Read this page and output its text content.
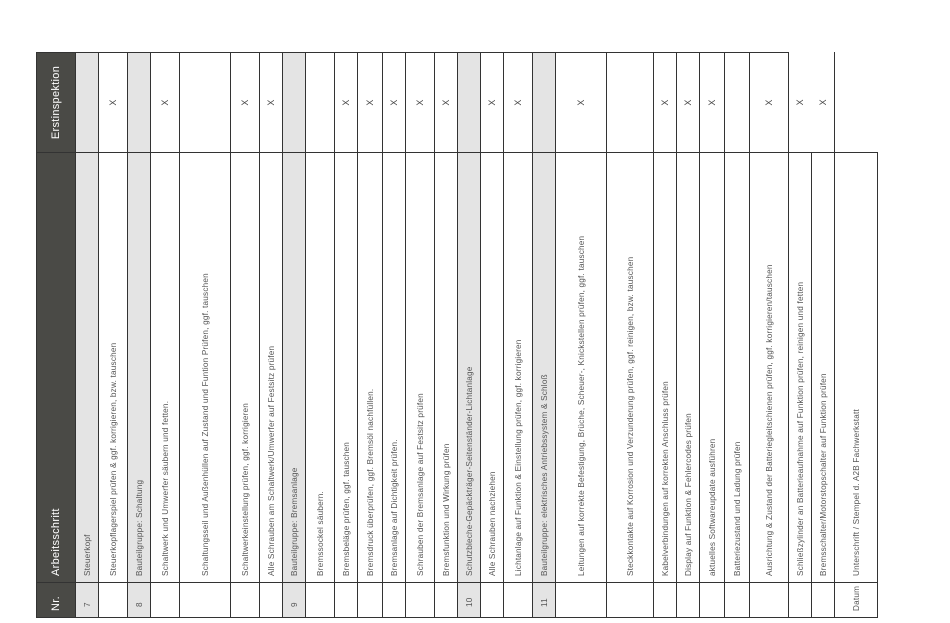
Nr.	Arbeitsschritt	Erstinspektion
7	Steuerkopf	
	Steuerkopflagerspiel prüfen & ggf. korrigieren, bzw. tauschen	X
8	Bauteilgruppe: Schaltung	
	Schaltwerk und Umwerfer säubern und fetten.	X
	Schaltungsseil und Außenhüllen auf Zustand und Funtion Prüfen, ggf. tauschen	
	Schaltwerkeinstellung prüfen, ggf. korrigieren	X
	Alle Schrauben am Schaltwerk/Umwerfer auf Festsitz prüfen	X
9	Bauteilgruppe: Bremsanlage	
	Bremssockel säubern.	
	Bremsbeläge prüfen, ggf. tauschen	X
	Bremsdruck überprüfen, ggf. Bremsöl nachfüllen.	X
	Bremsanlage auf Dichtigkeit prüfen.	X
	Schrauben der Bremsanlage auf Festsitz prüfen	X
	Bremsfunktion und Wirkung prüfen	X
10	Schutzbleche-Gepäckträger-Seitenständer-Lichtanlage	
	Alle Schrauben nachziehen	X
	Lichtanlage auf Funktion & Einstellung prüfen, ggf. korrigieren	X
11	Bauteilgruppe: elektrisches Antriebssystem & Schloß	
	Leitungen auf korrekte Befestigung, Brüche, Scheuer-, Knickstellen prüfen, ggf. tauschen	X
	Steckkontakte auf Korrosion und Verzunderung prüfen, ggf. reinigen, bzw. tauschen	
	Kabelverbindungen auf korrekten Anschluss prüfen	X
	Display auf Funktion & Fehlercodes prüfen	X
	aktuelles Softwareupdate ausführen	X
	Batteriezustand und Ladung prüfen	
	Ausrichtung & Zustand der Batteriegleitschienen prüfen, ggf. korrigieren/tauschen	X
	Schließzylinder an Batterieaufnahme auf Funktion prüfen, reinigen und fetten	X
	Bremsschalter/Motorstopschalter auf Funktion prüfen	X
Datum	Unterschrift / Stempel d. A2B Fachwerkstatt	
